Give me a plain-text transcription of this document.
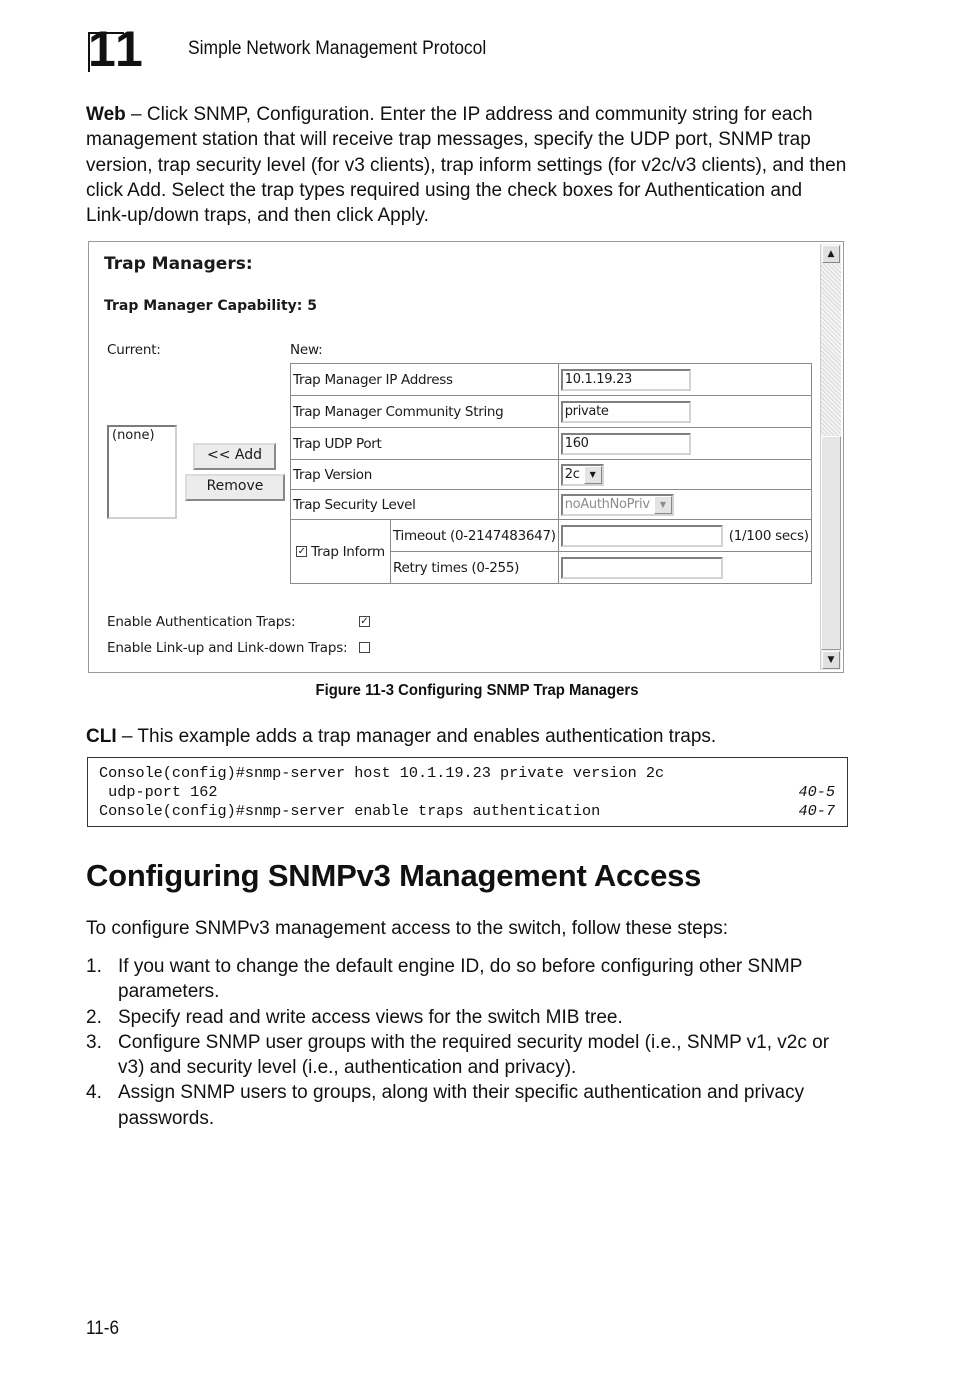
11	Simple Network Management Protocol
Web – Click SNMP, Configuration. Enter the IP address and community string for each management station that will receive trap messages, specify the UDP port, SNMP trap version, trap security level (for v3 clients), trap inform settings (for v2c/v3 clients), and then click Add. Select the trap types required using the check boxes for Authentication and Link-up/down traps, and then click Apply.
Trap Managers:
Trap Manager Capability: 5
Current:	New:
(none)
<< Add
Remove
Trap Manager IP Address		10.1.19.23
Trap Manager Community String		private
Trap UDP Port		160
Trap Version		2c ▼

Trap Security Level		noAuthNoPriv ▼

✓ Trap Inform	Timeout (0-2147483647)	(1/100 secs)
	Retry times (0-255)	
Enable Authentication Traps:	✓
Enable Link-up and Link-down Traps:
▲
▼
Figure 11-3 Configuring SNMP Trap Managers
CLI – This example adds a trap manager and enables authentication traps.
Console(config)#snmp-server host 10.1.19.23 private version 2c
udp-port 162	40-5
Console(config)#snmp-server enable traps authentication	40-7
Configuring SNMPv3 Management Access
To configure SNMPv3 management access to the switch, follow these steps:
1. If you want to change the default engine ID, do so before configuring other SNMP parameters.
2. Specify read and write access views for the switch MIB tree.
3. Configure SNMP user groups with the required security model (i.e., SNMP v1, v2c or v3) and security level (i.e., authentication and privacy).
4. Assign SNMP users to groups, along with their specific authentication and privacy passwords.
11-6
